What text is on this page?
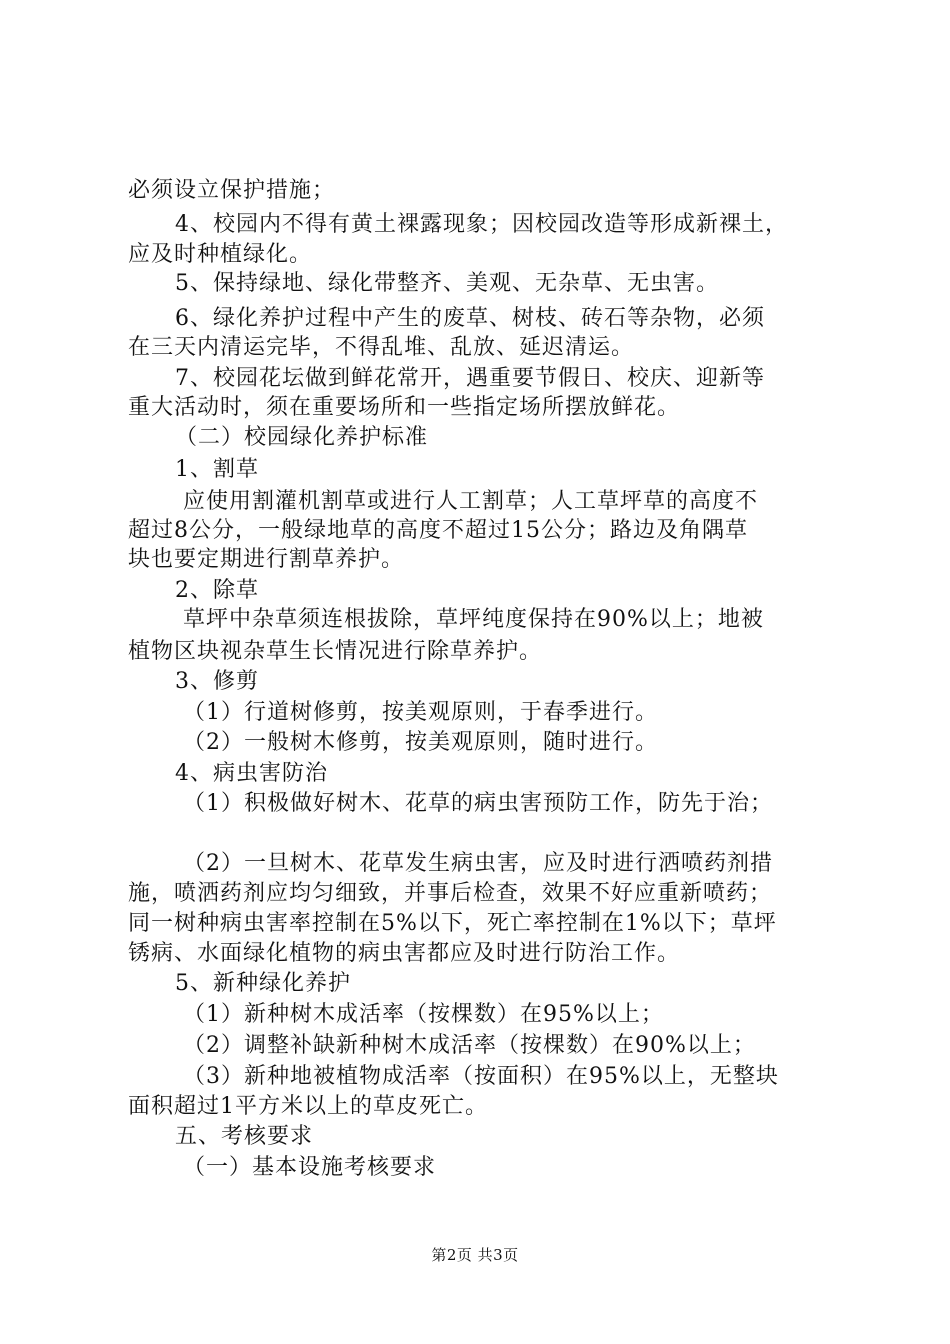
必须设立保护措施；
4、校园内不得有黄土裸露现象；因校园改造等形成新裸土，
应及时种植绿化。
5、保持绿地、绿化带整齐、美观、无杂草、无虫害。
6、绿化养护过程中产生的废草、树枝、砖石等杂物，必须
在三天内清运完毕，不得乱堆、乱放、延迟清运。
7、校园花坛做到鲜花常开，遇重要节假日、校庆、迎新等
重大活动时，须在重要场所和一些指定场所摆放鲜花。
（二）校园绿化养护标准
1、割草
应使用割灌机割草或进行人工割草；人工草坪草的高度不
超过8公分，一般绿地草的高度不超过15公分；路边及角隅草
块也要定期进行割草养护。
2、除草
草坪中杂草须连根拔除，草坪纯度保持在90%以上；地被
植物区块视杂草生长情况进行除草养护。
3、修剪
（1）行道树修剪，按美观原则，于春季进行。
（2）一般树木修剪，按美观原则，随时进行。
4、病虫害防治
（1）积极做好树木、花草的病虫害预防工作，防先于治；
（2）一旦树木、花草发生病虫害，应及时进行洒喷药剂措
施，喷洒药剂应均匀细致，并事后检查，效果不好应重新喷药；
同一树种病虫害率控制在5%以下，死亡率控制在1%以下；草坪
锈病、水面绿化植物的病虫害都应及时进行防治工作。
5、新种绿化养护
（1）新种树木成活率（按棵数）在95%以上；
（2）调整补缺新种树木成活率（按棵数）在90%以上；
（3）新种地被植物成活率（按面积）在95%以上，无整块
面积超过1平方米以上的草皮死亡。
五、考核要求
（一）基本设施考核要求
第2页 共3页
